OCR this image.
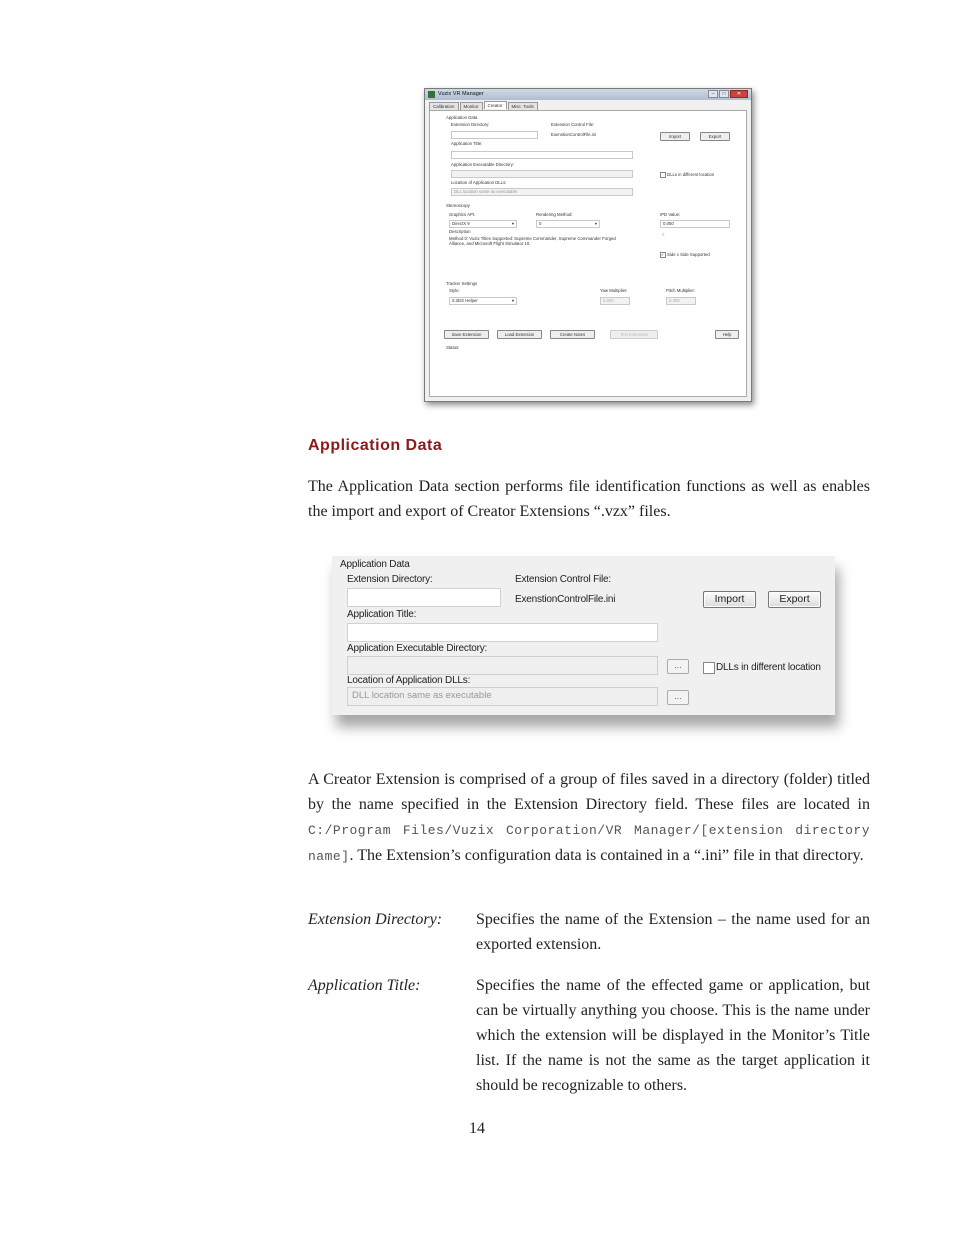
Vuzix VR Manager	–	□	✕
Calibration	Monitor	Creator	Misc. Tools
Application Data
Extension Directory:	Extension Control File:
ExenstionControlFile.ini	Import	Export
Application Title:
Application Executable Directory:
DLLs in different location
Location of Application DLLs:
DLL location same as executable
Stereoscopy
Graphics API:
DirectX 9	▾
Rendering Method:
0	▾
IPD Value:
0.050
0
Description
Method 0: Vuzix Titles Supported: Supreme Commander, Supreme Commander Forged Alliance, and Microsoft Flight Simulator 10.
✓ Side x Side Supported
Tracker Settings
Style:
0.3DS Helper	▾
Yaw Multiplier:
0.200
Pitch Multiplier:
0.300
Save Extension	Load Extension	Create Notes	Test Extension	Help
Status:
Application Data
The Application Data section performs file identification functions as well as enables the import and export of Creator Extensions “.vzx” files.
Application Data
Extension Directory:	Extension Control File:
ExenstionControlFile.ini	Import	Export
Application Title:
Application Executable Directory:
...	DLLs in different location
Location of Application DLLs:
DLL location same as executable	...
A Creator Extension is comprised of a group of files saved in a directory (folder) titled by the name specified in the Extension Directory field. These files are located in C:/Program Files/Vuzix Corporation/VR Manager/[extension directory name]. The Extension’s configuration data is contained in a “.ini” file in that directory.
Extension Directory: Specifies the name of the Extension – the name used for an exported extension.
Application Title:	Specifies the name of the effected game or application, but can be virtually anything you choose. This is the name under which the extension will be displayed in the Monitor’s Title list. If the name is not the same as the target application it should be recognizable to others.
14
